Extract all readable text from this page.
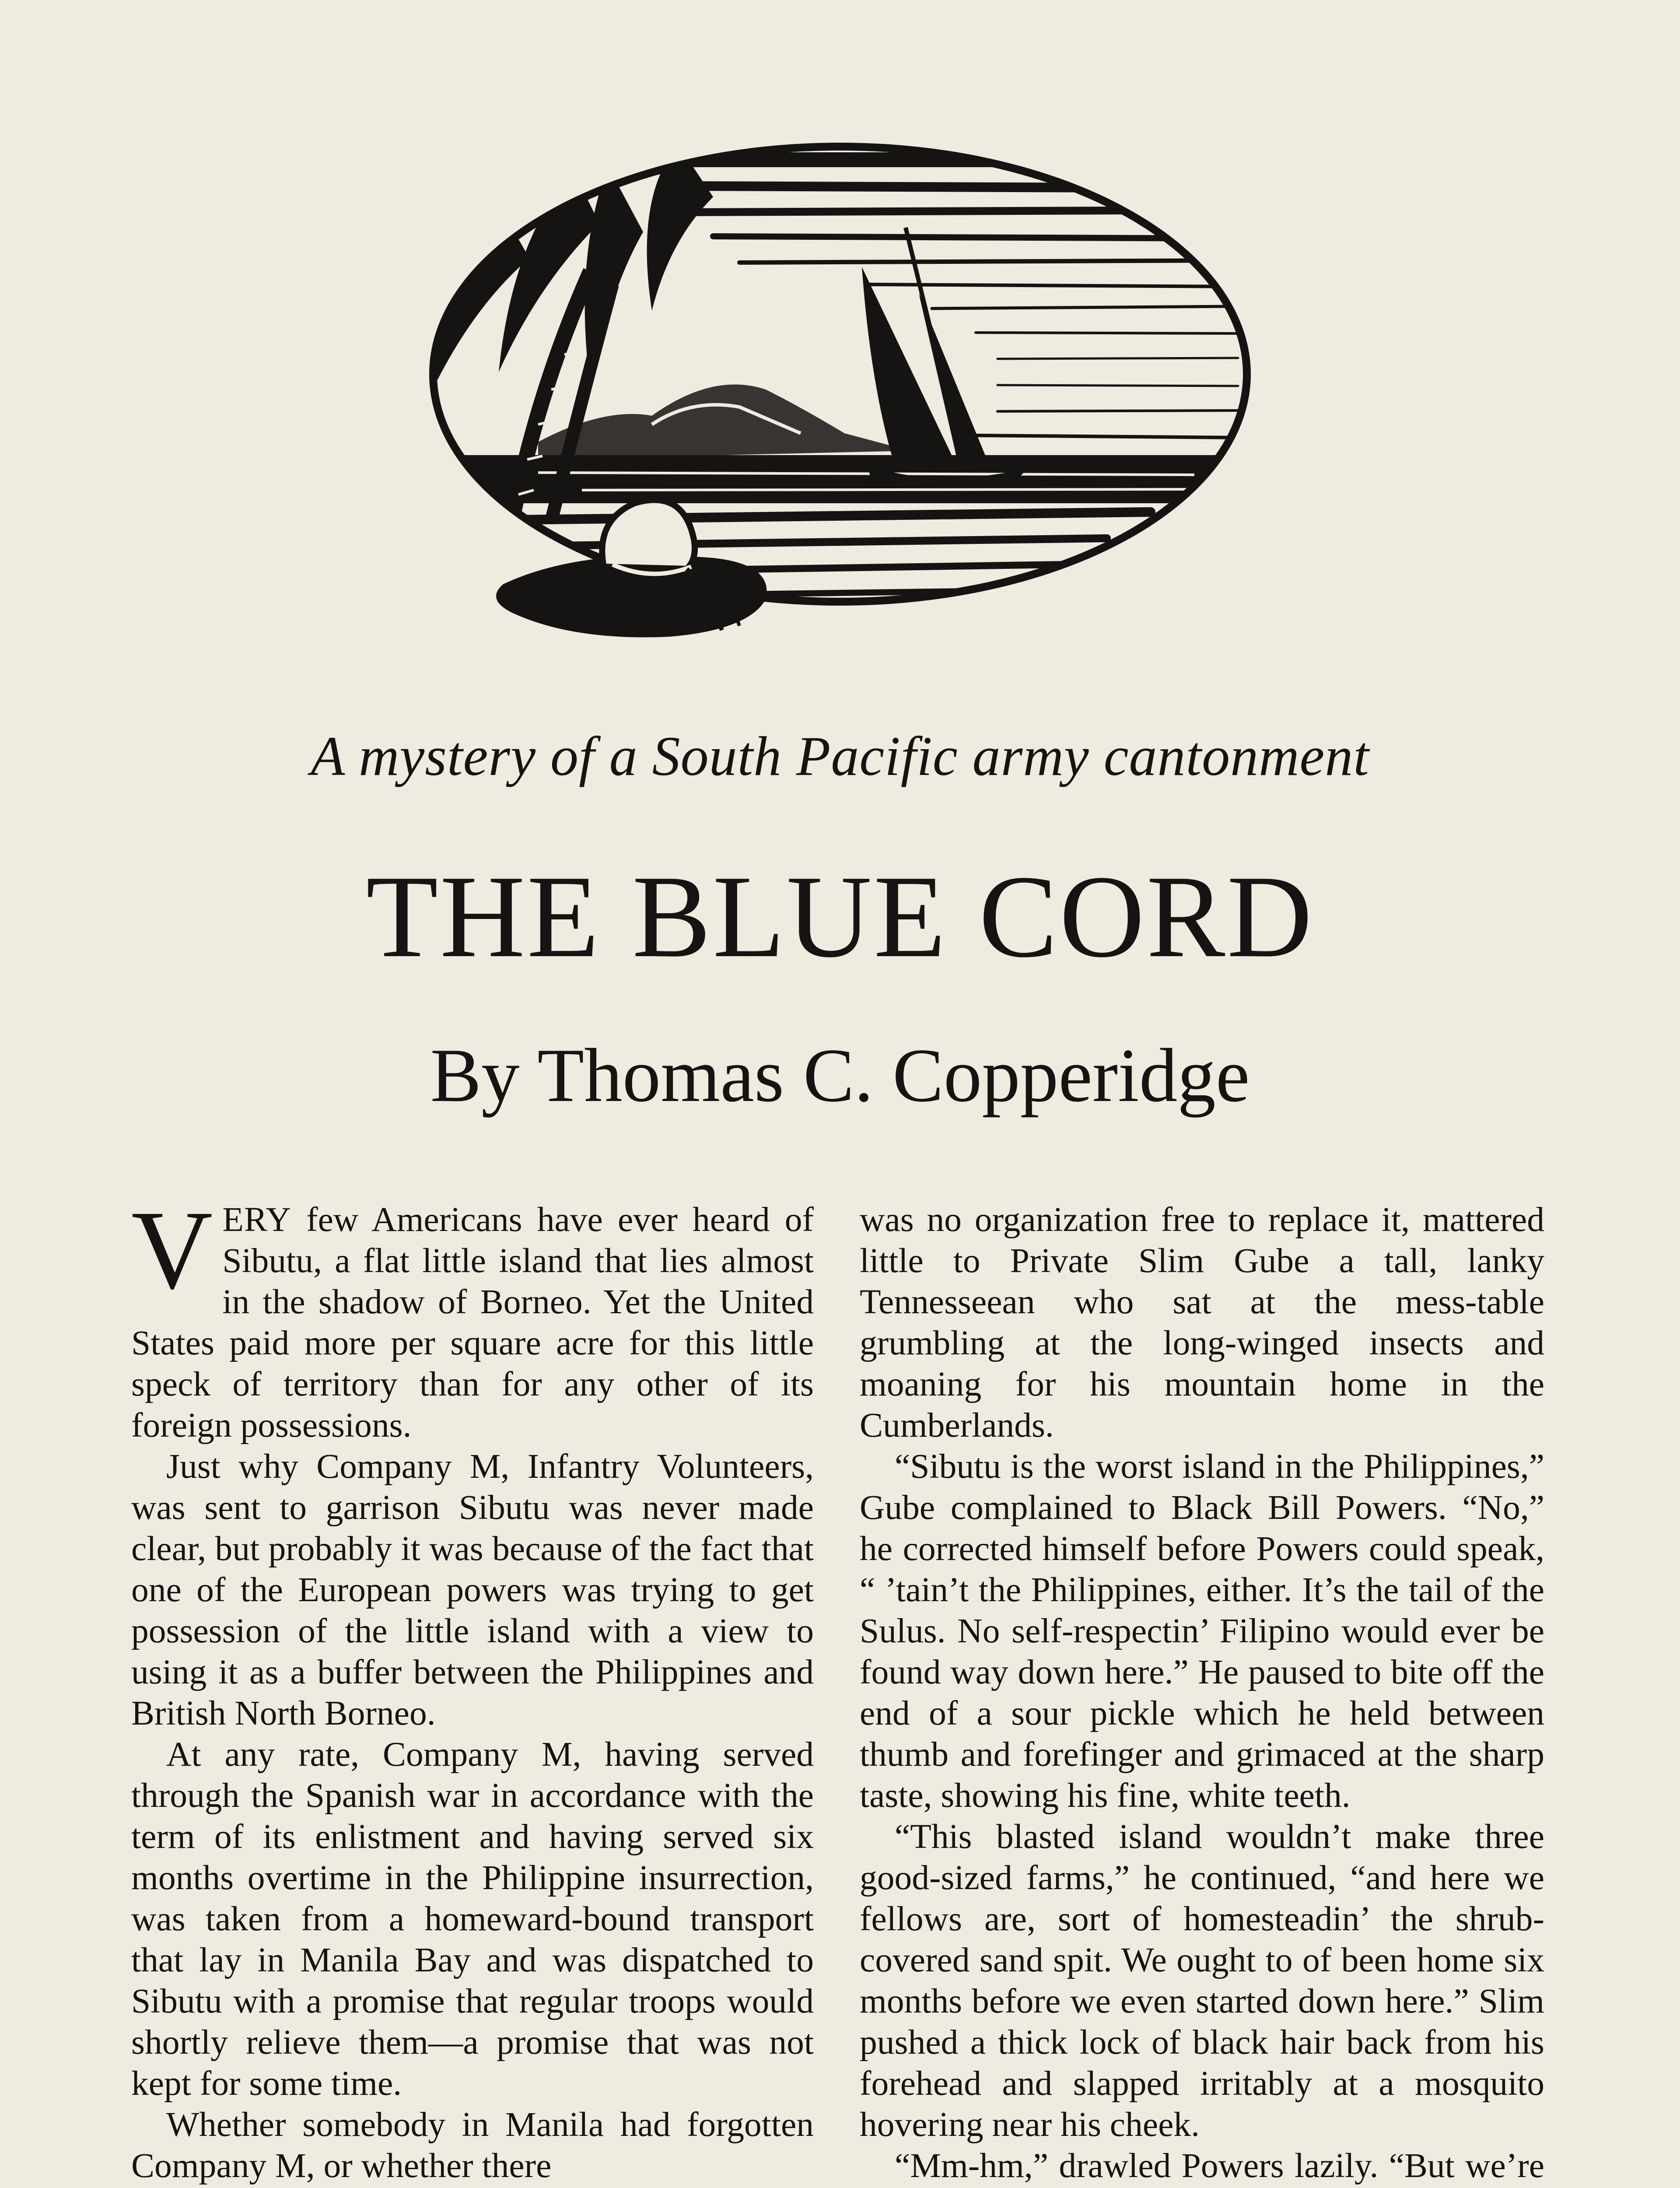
A mystery of a South Pacific army cantonment
THE BLUE CORD
By Thomas C. Copperidge

VERY few Americans have ever heard of Sibutu, a flat little island that lies almost in the shadow of Borneo. Yet the United States paid more per square acre for this little speck of territory than for any other of its foreign possessions.

Just why Company M, Infantry Volunteers, was sent to garrison Sibutu was never made clear, but probably it was because of the fact that one of the European powers was trying to get possession of the little island with a view to using it as a buffer between the Philippines and British North Borneo.

At any rate, Company M, having served through the Spanish war in accordance with the term of its enlistment and having served six months overtime in the Philippine insurrection, was taken from a homeward-bound transport that lay in Manila Bay and was dispatched to Sibutu with a promise that regular troops would shortly relieve them—a promise that was not kept for some time.

Whether somebody in Manila had forgotten Company M, or whether there

was no organization free to replace it, mattered little to Private Slim Gube a tall, lanky Tennesseean who sat at the mess-table grumbling at the long-winged insects and moaning for his mountain home in the Cumberlands.

“Sibutu is the worst island in the Philippines,” Gube complained to Black Bill Powers. “No,” he corrected himself before Powers could speak, “ ’tain’t the Philippines, either. It’s the tail of the Sulus. No self-respectin’ Filipino would ever be found way down here.” He paused to bite off the end of a sour pickle which he held between thumb and forefinger and grimaced at the sharp taste, showing his fine, white teeth.

“This blasted island wouldn’t make three good-sized farms,” he continued, “and here we fellows are, sort of homesteadin’ the shrub-covered sand spit. We ought to of been home six months before we even started down here.” Slim pushed a thick lock of black hair back from his forehead and slapped irritably at a mosquito hovering near his cheek.

“Mm-hm,” drawled Powers lazily. “But we’re
